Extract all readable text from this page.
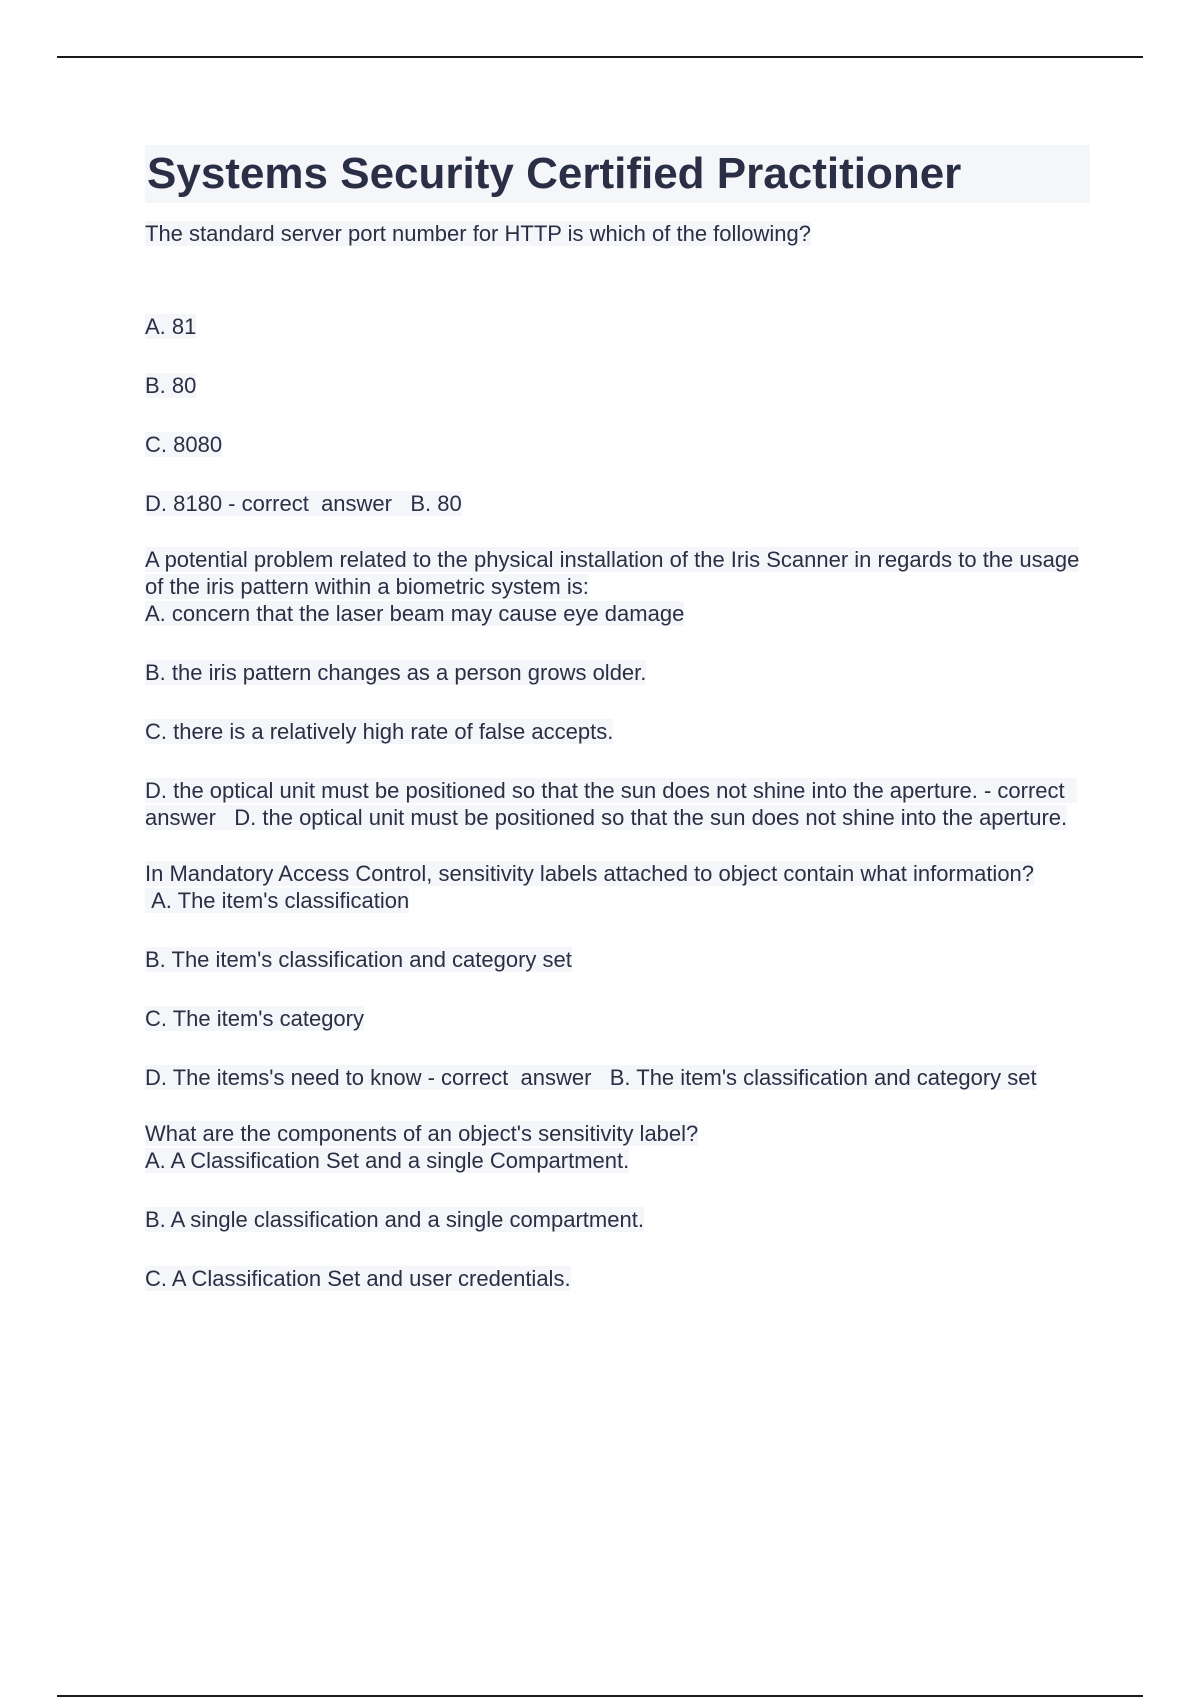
Systems Security Certified Practitioner

The standard server port number for HTTP is which of the following?

A. 81

B. 80

C. 8080

D. 8180 - correct  answer   B. 80

A potential problem related to the physical installation of the Iris Scanner in regards to the usage of the iris pattern within a biometric system is:
A. concern that the laser beam may cause eye damage

B. the iris pattern changes as a person grows older.

C. there is a relatively high rate of false accepts.

D. the optical unit must be positioned so that the sun does not shine into the aperture. - correct  answer   D. the optical unit must be positioned so that the sun does not shine into the aperture.

In Mandatory Access Control, sensitivity labels attached to object contain what information?
A. The item's classification

B. The item's classification and category set

C. The item's category

D. The items's need to know - correct  answer   B. The item's classification and category set

What are the components of an object's sensitivity label?
A. A Classification Set and a single Compartment.

B. A single classification and a single compartment.

C. A Classification Set and user credentials.
